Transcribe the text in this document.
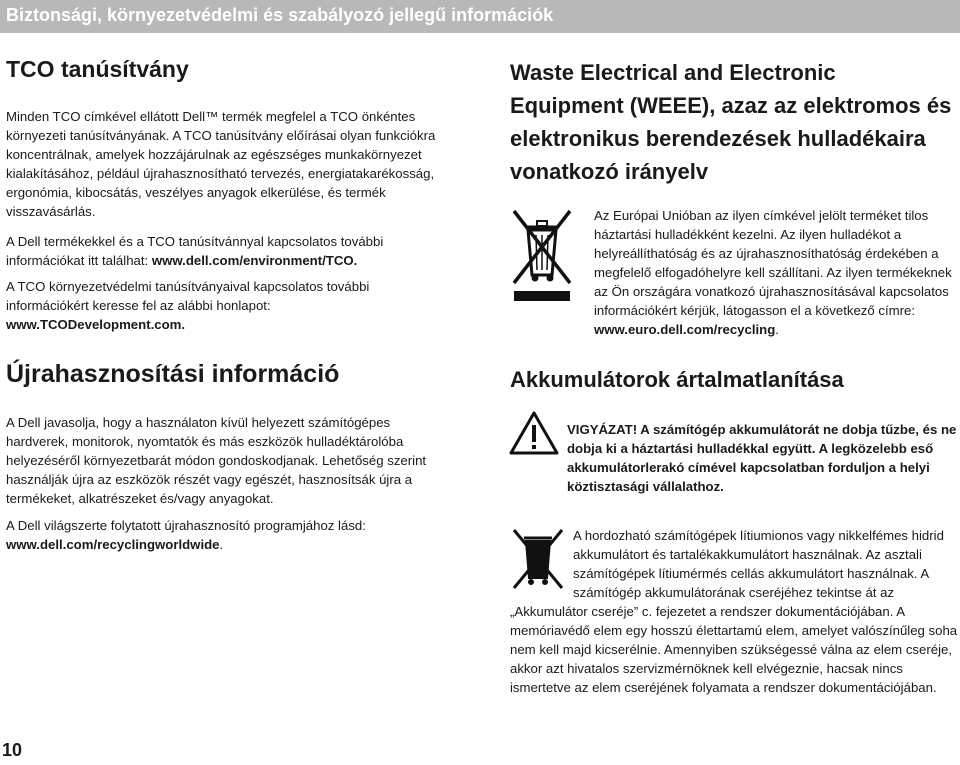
Biztonsági, környezetvédelmi és szabályozó jellegű információk
TCO tanúsítvány

Minden TCO címkével ellátott Dell™ termék megfelel a TCO önkéntes környezeti tanúsítványának. A TCO tanúsítvány előírásai olyan funkciókra koncentrálnak, amelyek hozzájárulnak az egészséges munkakörnyezet kialakításához, például újrahasznosítható tervezés, energiatakarékosság, ergonómia, kibocsátás, veszélyes anyagok elkerülése, és termék visszavásárlás.

A Dell termékekkel és a TCO tanúsítvánnyal kapcsolatos további információkat itt találhat: www.dell.com/environment/TCO.

A TCO környezetvédelmi tanúsítványaival kapcsolatos további információkért keresse fel az alábbi honlapot: www.TCODevelopment.com.

Újrahasznosítási információ

A Dell javasolja, hogy a használaton kívül helyezett számítógépes hardverek, monitorok, nyomtatók és más eszközök hulladéktárolóba helyezéséről környezetbarát módon gondoskodjanak. Lehetőség szerint használják újra az eszközök részét vagy egészét, hasznosítsák újra a termékeket, alkatrészeket és/vagy anyagokat.

A Dell világszerte folytatott újrahasznosító programjához lásd: www.dell.com/recyclingworldwide.

Waste Electrical and Electronic Equipment (WEEE), azaz az elektromos és elektronikus berendezések hulladékaira vonatkozó irányelv

Az Európai Unióban az ilyen címkével jelölt terméket tilos háztartási hulladékként kezelni. Az ilyen hulladékot a helyreállíthatóság és az újrahasznosíthatóság érdekében a megfelelő elfogadóhelyre kell szállítani. Az ilyen termékeknek az Ön országára vonatkozó újrahasznosításával kapcsolatos információkért kérjük, látogasson el a következő címre: www.euro.dell.com/recycling.

Akkumulátorok ártalmatlanítása

VIGYÁZAT! A számítógép akkumulátorát ne dobja tűzbe, és ne dobja ki a háztartási hulladékkal együtt. A legközelebb eső akkumulátorlerakó címével kapcsolatban forduljon a helyi köztisztasági vállalathoz.

A hordozható számítógépek lítiumionos vagy nikkelfémes hidrid akkumulátort és tartalékakkumulátort használnak. Az asztali számítógépek lítiumérmés cellás akkumulátort használnak. A számítógép akkumulátorának cseréjéhez tekintse át az „Akkumulátor cseréje” c. fejezetet a rendszer dokumentációjában. A memóriavédő elem egy hosszú élettartamú elem, amelyet valószínűleg soha nem kell majd kicserélnie. Amennyiben szükségessé válna az elem cseréje, akkor azt hivatalos szervizmérnöknek kell elvégeznie, hacsak nincs ismertetve az elem cseréjének folyamata a rendszer dokumentációjában.
10
